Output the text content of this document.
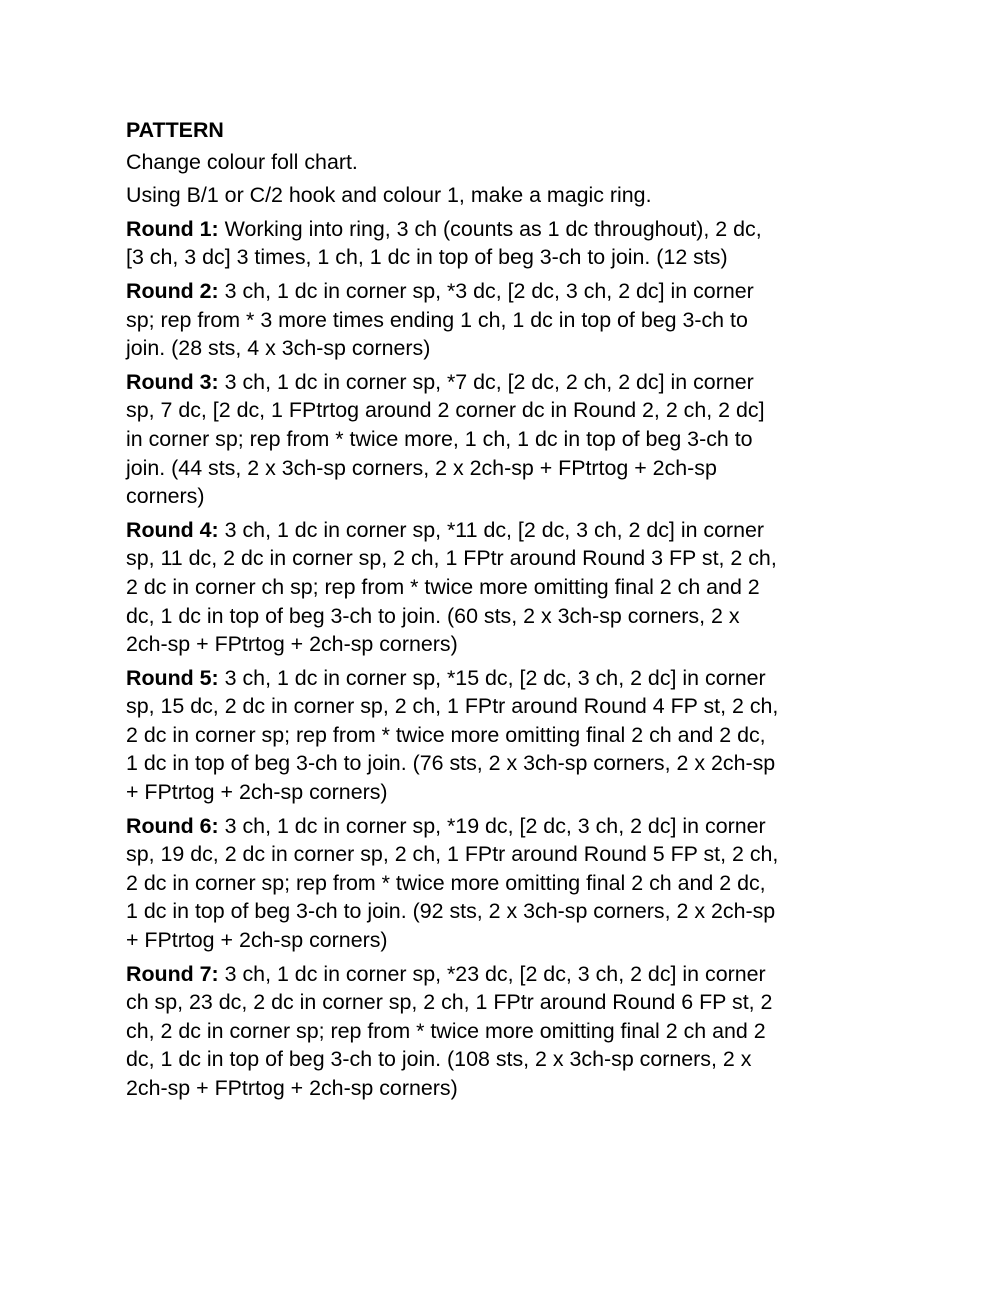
PATTERN
Change colour foll chart.
Using B/1 or C/2 hook and colour 1, make a magic ring.
Round 1: Working into ring, 3 ch (counts as 1 dc throughout), 2 dc,
[3 ch, 3 dc] 3 times, 1 ch, 1 dc in top of beg 3-ch to join. (12 sts)
Round 2: 3 ch, 1 dc in corner sp, *3 dc, [2 dc, 3 ch, 2 dc] in corner
sp; rep from * 3 more times ending 1 ch, 1 dc in top of beg 3-ch to
join. (28 sts, 4 x 3ch-sp corners)
Round 3: 3 ch, 1 dc in corner sp, *7 dc, [2 dc, 2 ch, 2 dc] in corner
sp, 7 dc, [2 dc, 1 FPtrtog around 2 corner dc in Round 2, 2 ch, 2 dc]
in corner sp; rep from * twice more, 1 ch, 1 dc in top of beg 3-ch to
join. (44 sts, 2 x 3ch-sp corners, 2 x 2ch-sp + FPtrtog + 2ch-sp
corners)
Round 4: 3 ch, 1 dc in corner sp, *11 dc, [2 dc, 3 ch, 2 dc] in corner
sp, 11 dc, 2 dc in corner sp, 2 ch, 1 FPtr around Round 3 FP st, 2 ch,
2 dc in corner ch sp; rep from * twice more omitting final 2 ch and 2
dc, 1 dc in top of beg 3-ch to join. (60 sts, 2 x 3ch-sp corners, 2 x
2ch-sp + FPtrtog + 2ch-sp corners)
Round 5: 3 ch, 1 dc in corner sp, *15 dc, [2 dc, 3 ch, 2 dc] in corner
sp, 15 dc, 2 dc in corner sp, 2 ch, 1 FPtr around Round 4 FP st, 2 ch,
2 dc in corner sp; rep from * twice more omitting final 2 ch and 2 dc,
1 dc in top of beg 3-ch to join. (76 sts, 2 x 3ch-sp corners, 2 x 2ch-sp
+ FPtrtog + 2ch-sp corners)
Round 6: 3 ch, 1 dc in corner sp, *19 dc, [2 dc, 3 ch, 2 dc] in corner
sp, 19 dc, 2 dc in corner sp, 2 ch, 1 FPtr around Round 5 FP st, 2 ch,
2 dc in corner sp; rep from * twice more omitting final 2 ch and 2 dc,
1 dc in top of beg 3-ch to join. (92 sts, 2 x 3ch-sp corners, 2 x 2ch-sp
+ FPtrtog + 2ch-sp corners)
Round 7: 3 ch, 1 dc in corner sp, *23 dc, [2 dc, 3 ch, 2 dc] in corner
ch sp, 23 dc, 2 dc in corner sp, 2 ch, 1 FPtr around Round 6 FP st, 2
ch, 2 dc in corner sp; rep from * twice more omitting final 2 ch and 2
dc, 1 dc in top of beg 3-ch to join. (108 sts, 2 x 3ch-sp corners, 2 x
2ch-sp + FPtrtog + 2ch-sp corners)
